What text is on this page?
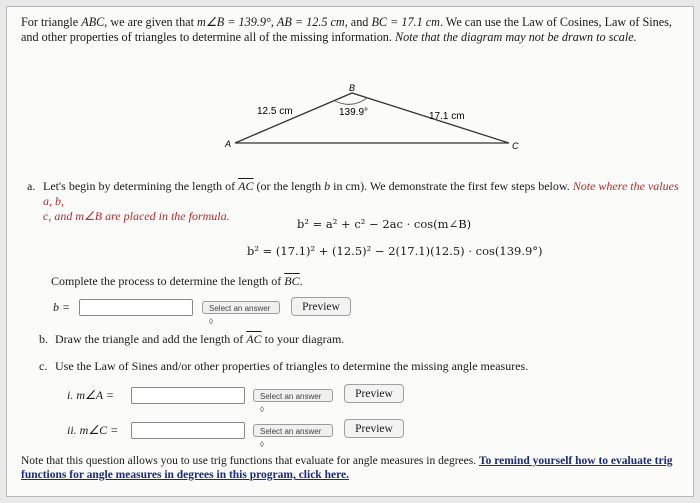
For triangle ABC, we are given that m∠B = 139.9°, AB = 12.5 cm, and BC = 17.1 cm. We can use the Law of Cosines, Law of Sines, and other properties of triangles to determine all of the missing information. Note that the diagram may not be drawn to scale.
A
B
C
12.5 cm	139.9°	17.1 cm
a. Let's begin by determining the length of $\overline{AC}$ (or the length b in cm). We demonstrate the first few steps below. Note where the values a, b,
c, and m∠B are placed in the formula.
b² = a² + c² − 2ac · cos(m∠B)
b² = (17.1)² + (12.5)² − 2(17.1)(12.5) · cos(139.9°)
Complete the process to determine the length of $\overline{BC}$.
b =	Select an answer ◊	Preview
b. Draw the triangle and add the length of $\overline{AC}$ to your diagram.
c. Use the Law of Sines and/or other properties of triangles to determine the missing angle measures.
i. m∠A =	Select an answer ◊	Preview
ii. m∠C =	Select an answer ◊	Preview
Note that this question allows you to use trig functions that evaluate for angle measures in degrees. To remind yourself how to evaluate trig functions for angle measures in degrees in this program, click here.
